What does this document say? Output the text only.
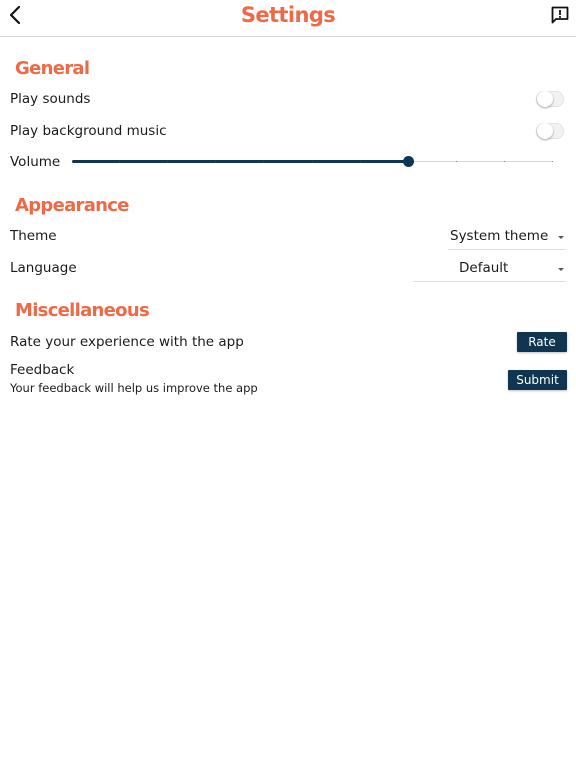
Settings
General
Play sounds
Play background music
Volume
Appearance
Theme	System theme
Language	Default
Miscellaneous
Rate your experience with the app	Rate
Feedback
Your feedback will help us improve the app
Submit
